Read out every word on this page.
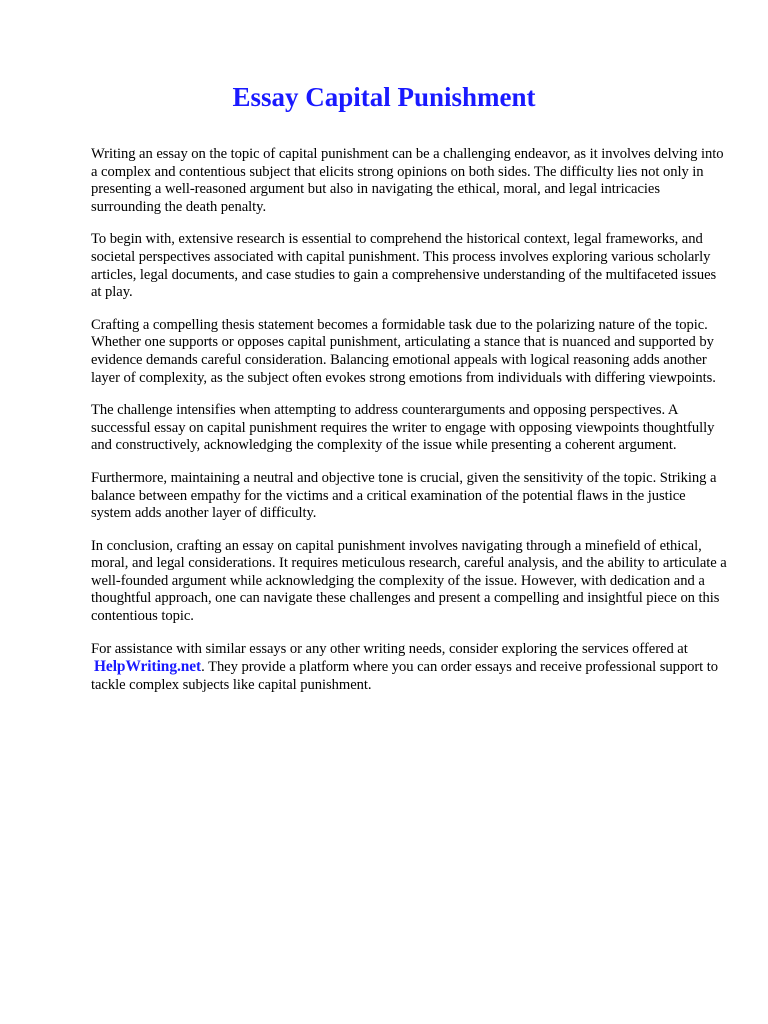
Essay Capital Punishment

Writing an essay on the topic of capital punishment can be a challenging endeavor, as it involves delving into a complex and contentious subject that elicits strong opinions on both sides. The difficulty lies not only in presenting a well-reasoned argument but also in navigating the ethical, moral, and legal intricacies surrounding the death penalty.

To begin with, extensive research is essential to comprehend the historical context, legal frameworks, and societal perspectives associated with capital punishment. This process involves exploring various scholarly articles, legal documents, and case studies to gain a comprehensive understanding of the multifaceted issues at play.

Crafting a compelling thesis statement becomes a formidable task due to the polarizing nature of the topic. Whether one supports or opposes capital punishment, articulating a stance that is nuanced and supported by evidence demands careful consideration. Balancing emotional appeals with logical reasoning adds another layer of complexity, as the subject often evokes strong emotions from individuals with differing viewpoints.

The challenge intensifies when attempting to address counterarguments and opposing perspectives. A successful essay on capital punishment requires the writer to engage with opposing viewpoints thoughtfully and constructively, acknowledging the complexity of the issue while presenting a coherent argument.

Furthermore, maintaining a neutral and objective tone is crucial, given the sensitivity of the topic. Striking a balance between empathy for the victims and a critical examination of the potential flaws in the justice system adds another layer of difficulty.

In conclusion, crafting an essay on capital punishment involves navigating through a minefield of ethical, moral, and legal considerations. It requires meticulous research, careful analysis, and the ability to articulate a well-founded argument while acknowledging the complexity of the issue. However, with dedication and a thoughtful approach, one can navigate these challenges and present a compelling and insightful piece on this contentious topic.

For assistance with similar essays or any other writing needs, consider exploring the services offered at HelpWriting.net. They provide a platform where you can order essays and receive professional support to tackle complex subjects like capital punishment.
